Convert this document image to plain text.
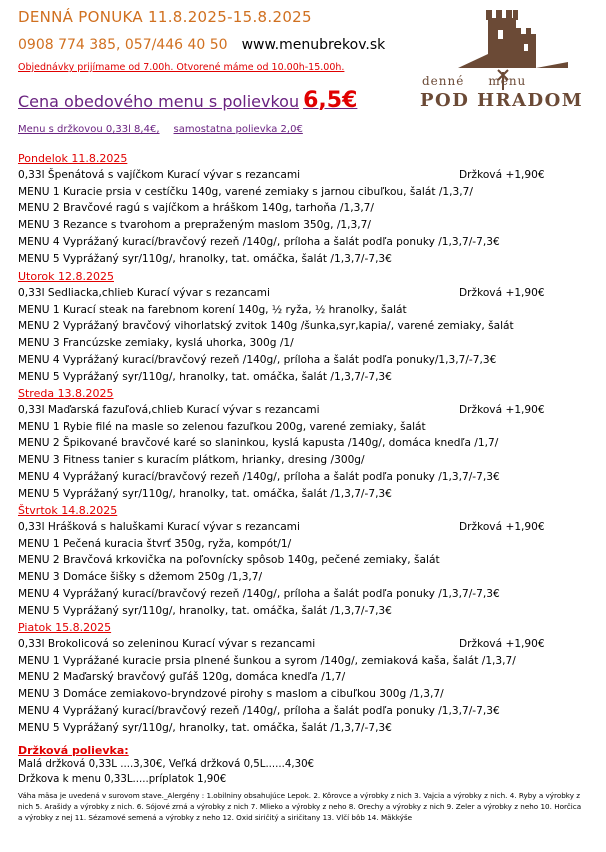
DENNÁ PONUKA 11.8.2025-15.8.2025
0908 774 385, 057/446 40 50 www.menubrekov.sk
Objednávky prijímame od 7.00h. Otvorené máme od 10.00h-15.00h.
Cena obedového menu s polievkou 6,5€
Menu s držkovou 0,33l 8,4€, samostatna polievka 2,0€
denné menu
POD HRADOM
Pondelok 11.8.2025
0,33l Špenátová s vajíčkom Kurací vývar s rezancami	Držková +1,90€
MENU 1 Kuracie prsia v cestíčku 140g, varené zemiaky s jarnou cibuľkou, šalát /1,3,7/
MENU 2 Bravčové ragú s vajíčkom a hráškom 140g, tarhoňa /1,3,7/
MENU 3 Rezance s tvarohom a prepraženým maslom 350g, /1,3,7/
MENU 4 Vyprážaný kurací/bravčový rezeň /140g/, príloha a šalát podľa ponuky /1,3,7/-7,3€
MENU 5 Vyprážaný syr/110g/, hranolky, tat. omáčka, šalát /1,3,7/-7,3€
Utorok 12.8.2025
0,33l Sedliacka,chlieb Kurací vývar s rezancami	Držková +1,90€
MENU 1 Kurací steak na farebnom korení 140g, ½ ryža, ½ hranolky, šalát
MENU 2 Vyprážaný bravčový vihorlatský zvitok 140g /šunka,syr,kapia/, varené zemiaky, šalát
MENU 3 Francúzske zemiaky, kyslá uhorka, 300g /1/
MENU 4 Vyprážaný kurací/bravčový rezeň /140g/, príloha a šalát podľa ponuky/1,3,7/-7,3€
MENU 5 Vyprážaný syr/110g/, hranolky, tat. omáčka, šalát /1,3,7/-7,3€
Streda 13.8.2025
0,33l Maďarská fazuľová,chlieb Kurací vývar s rezancami	Držková +1,90€
MENU 1 Rybie filé na masle so zelenou fazuľkou 200g, varené zemiaky, šalát
MENU 2 Špikované bravčové karé so slaninkou, kyslá kapusta /140g/, domáca knedľa /1,7/
MENU 3 Fitness tanier s kuracím plátkom, hrianky, dresing /300g/
MENU 4 Vyprážaný kurací/bravčový rezeň /140g/, príloha a šalát podľa ponuky /1,3,7/-7,3€
MENU 5 Vyprážaný syr/110g/, hranolky, tat. omáčka, šalát /1,3,7/-7,3€
Štvrtok 14.8.2025
0,33l Hrášková s haluškami Kurací vývar s rezancami	Držková +1,90€
MENU 1 Pečená kuracia štvrť 350g, ryža, kompót/1/
MENU 2 Bravčová krkovička na poľovnícky spôsob 140g, pečené zemiaky, šalát
MENU 3 Domáce šišky s džemom 250g /1,3,7/
MENU 4 Vyprážaný kurací/bravčový rezeň /140g/, príloha a šalát podľa ponuky /1,3,7/-7,3€
MENU 5 Vyprážaný syr/110g/, hranolky, tat. omáčka, šalát /1,3,7/-7,3€
Piatok 15.8.2025
0,33l Brokolicová so zeleninou Kurací vývar s rezancami	Držková +1,90€
MENU 1 Vyprážané kuracie prsia plnené šunkou a syrom /140g/, zemiaková kaša, šalát /1,3,7/
MENU 2 Maďarský bravčový guľáš 120g, domáca knedľa /1,7/
MENU 3 Domáce zemiakovo-bryndzové pirohy s maslom a cibuľkou 300g /1,3,7/
MENU 4 Vyprážaný kurací/bravčový rezeň /140g/, príloha a šalát podľa ponuky /1,3,7/-7,3€
MENU 5 Vyprážaný syr/110g/, hranolky, tat. omáčka, šalát /1,3,7/-7,3€
Držková polievka:
Malá držková 0,33L ....3,30€, Veľká držková 0,5L......4,30€
Držkova k menu 0,33L.....príplatok 1,90€
Váha mäsa je uvedená v surovom stave._Alergény : 1.obilniny obsahujúce Lepok. 2. Kôrovce a výrobky z nich 3. Vajcia a výrobky z nich. 4. Ryby a výrobky z nich 5. Arašidy a výrobky z nich. 6. Sójové zrná a výrobky z nich 7. Mlieko a výrobky z neho 8. Orechy a výrobky z nich 9. Zeler a výrobky z neho 10. Horčica a výrobky z nej 11. Sézamové semená a výrobky z neho 12. Oxid siričitý a siričitany 13. Vlčí bôb 14. Mäkkýše
